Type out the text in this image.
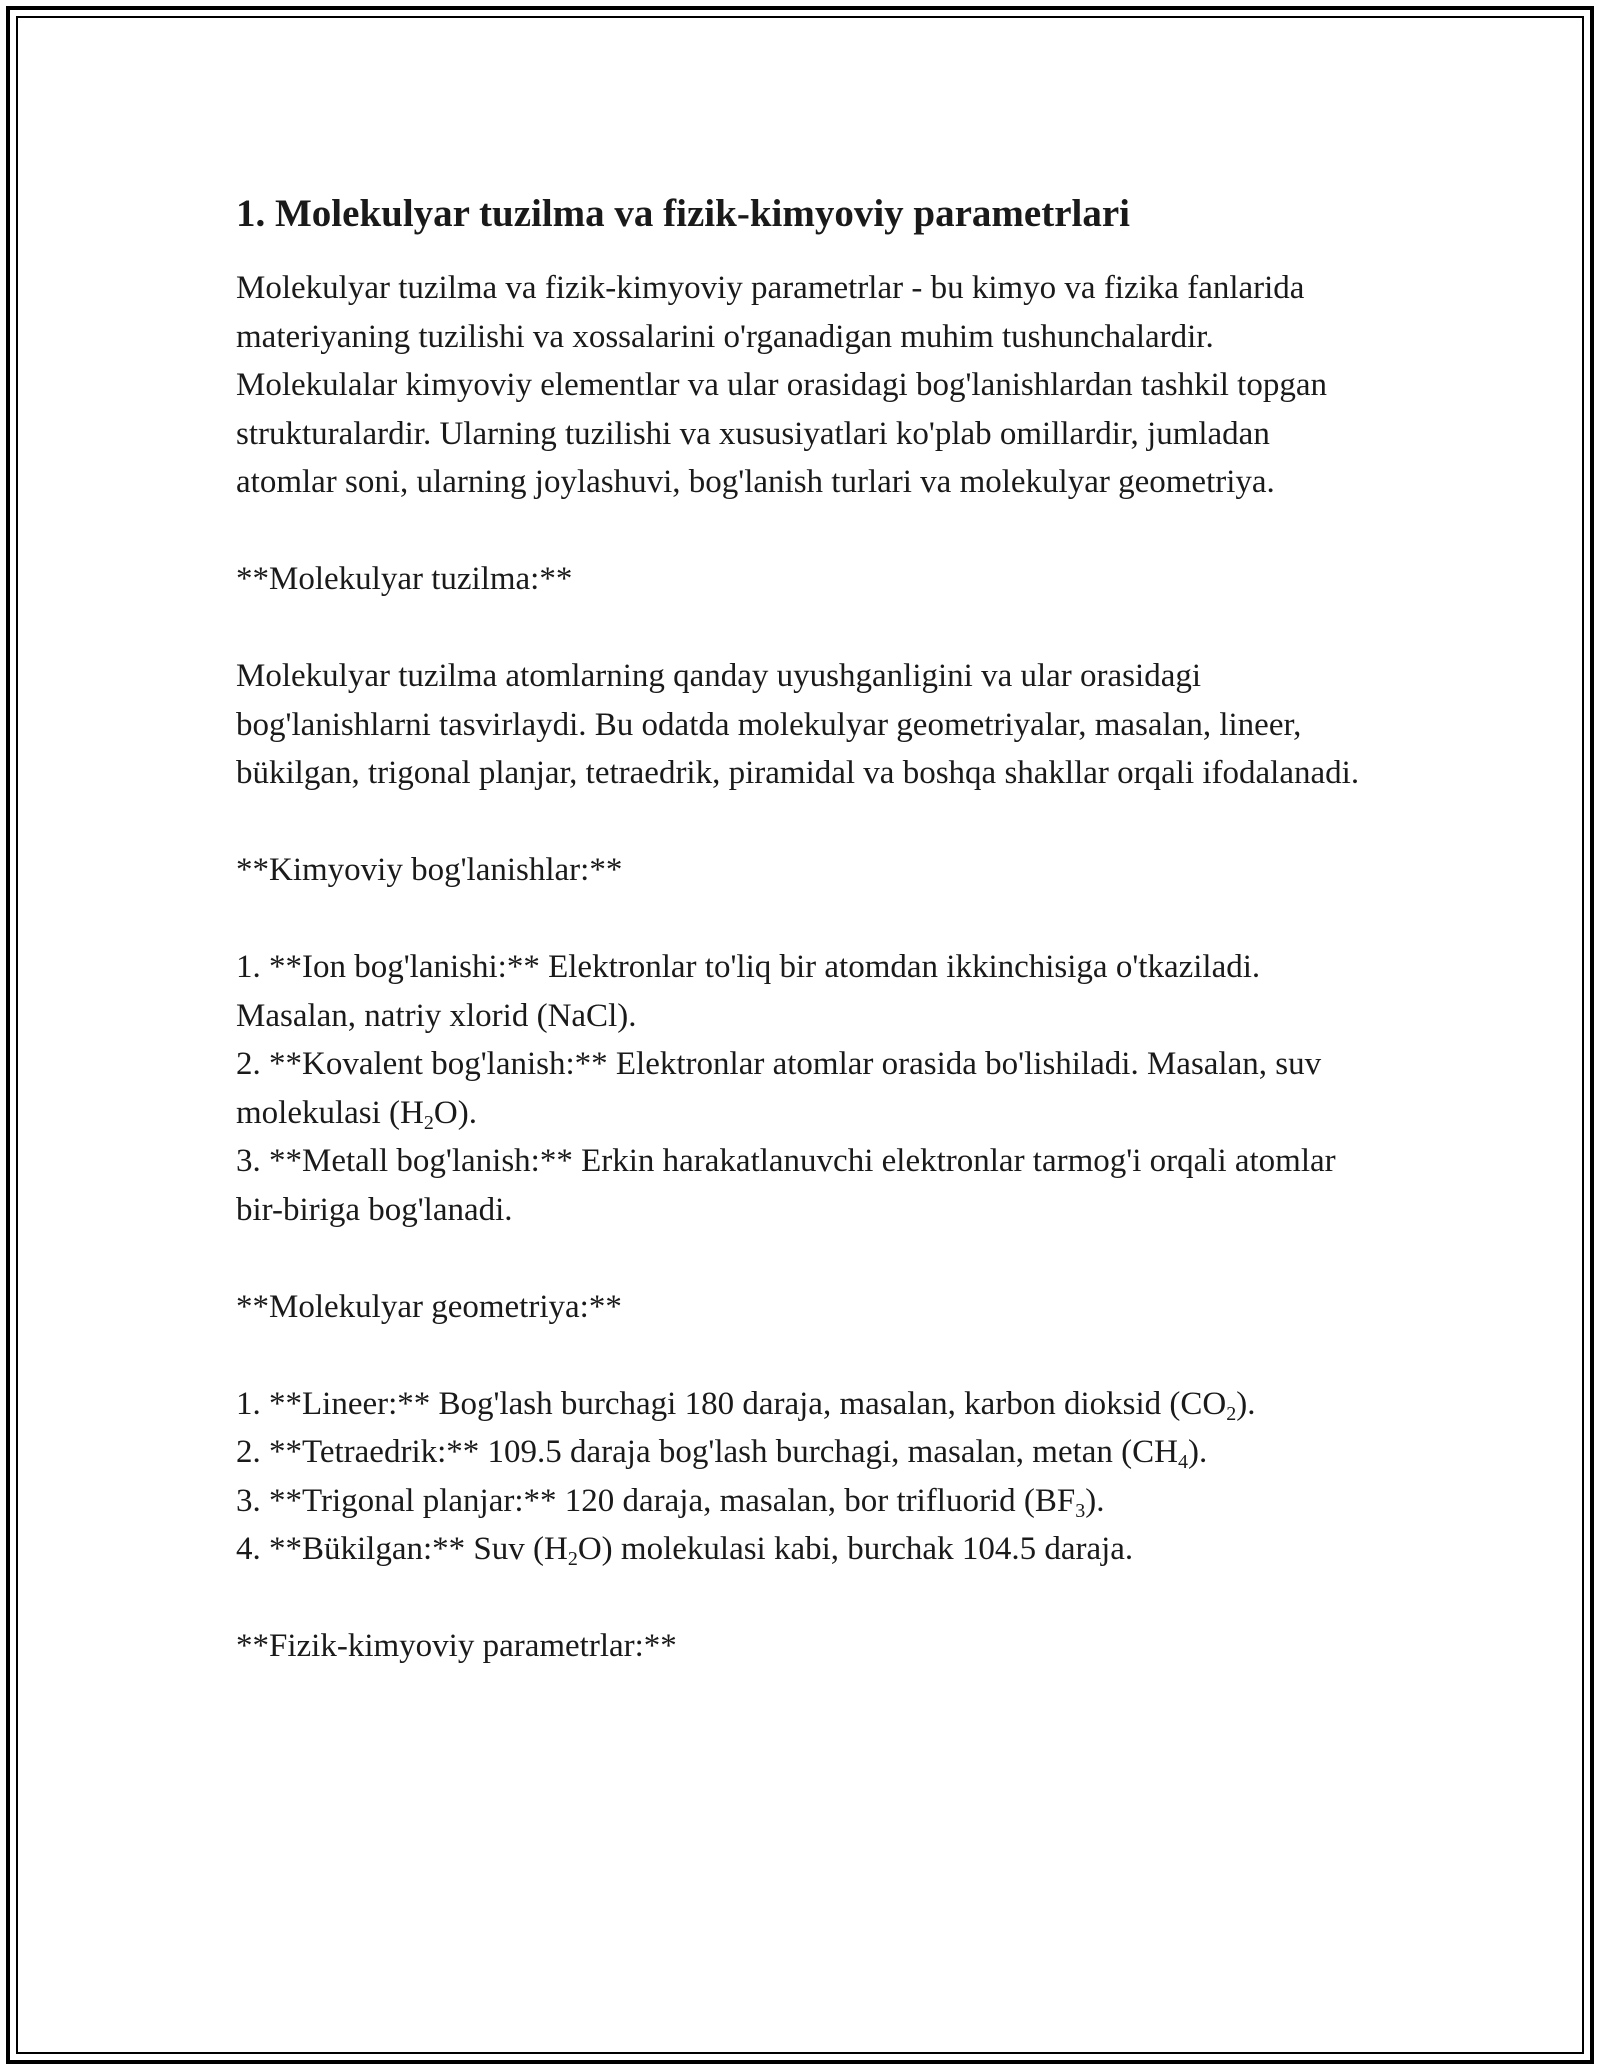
1. Molekulyar tuzilma va fizik-kimyoviy parametrlari

Molekulyar tuzilma va fizik-kimyoviy parametrlar - bu kimyo va fizika fanlarida materiyaning tuzilishi va xossalarini o'rganadigan muhim tushunchalardir. Molekulalar kimyoviy elementlar va ular orasidagi bog'lanishlardan tashkil topgan strukturalardir. Ularning tuzilishi va xususiyatlari ko'plab omillardir, jumladan atomlar soni, ularning joylashuvi, bog'lanish turlari va molekulyar geometriya.

**Molekulyar tuzilma:**

Molekulyar tuzilma atomlarning qanday uyushganligini va ular orasidagi bog'lanishlarni tasvirlaydi. Bu odatda molekulyar geometriyalar, masalan, lineer, bükilgan, trigonal planjar, tetraedrik, piramidal va boshqa shakllar orqali ifodalanadi.

**Kimyoviy bog'lanishlar:**

1. **Ion bog'lanishi:** Elektronlar to'liq bir atomdan ikkinchisiga o'tkaziladi. Masalan, natriy xlorid (NaCl).

2. **Kovalent bog'lanish:** Elektronlar atomlar orasida bo'lishiladi. Masalan, suv molekulasi $(H_2O)$.

3. **Metall bog'lanish:** Erkin harakatlanuvchi elektronlar tarmog'i orqali atomlar bir-biriga bog'lanadi.

**Molekulyar geometriya:**

1. **Lineer:** Bog'lash burchagi 180 daraja, masalan, karbon dioksid $(CO_2)$.

2. **Tetraedrik:** 109.5 daraja bog'lash burchagi, masalan, metan $(CH_4)$.

3. **Trigonal planjar:** 120 daraja, masalan, bor trifluorid $(BF_3)$.

4. **Bükilgan:** Suv $(H_2O)$ molekulasi kabi, burchak 104.5 daraja.

**Fizik-kimyoviy parametrlar:**
